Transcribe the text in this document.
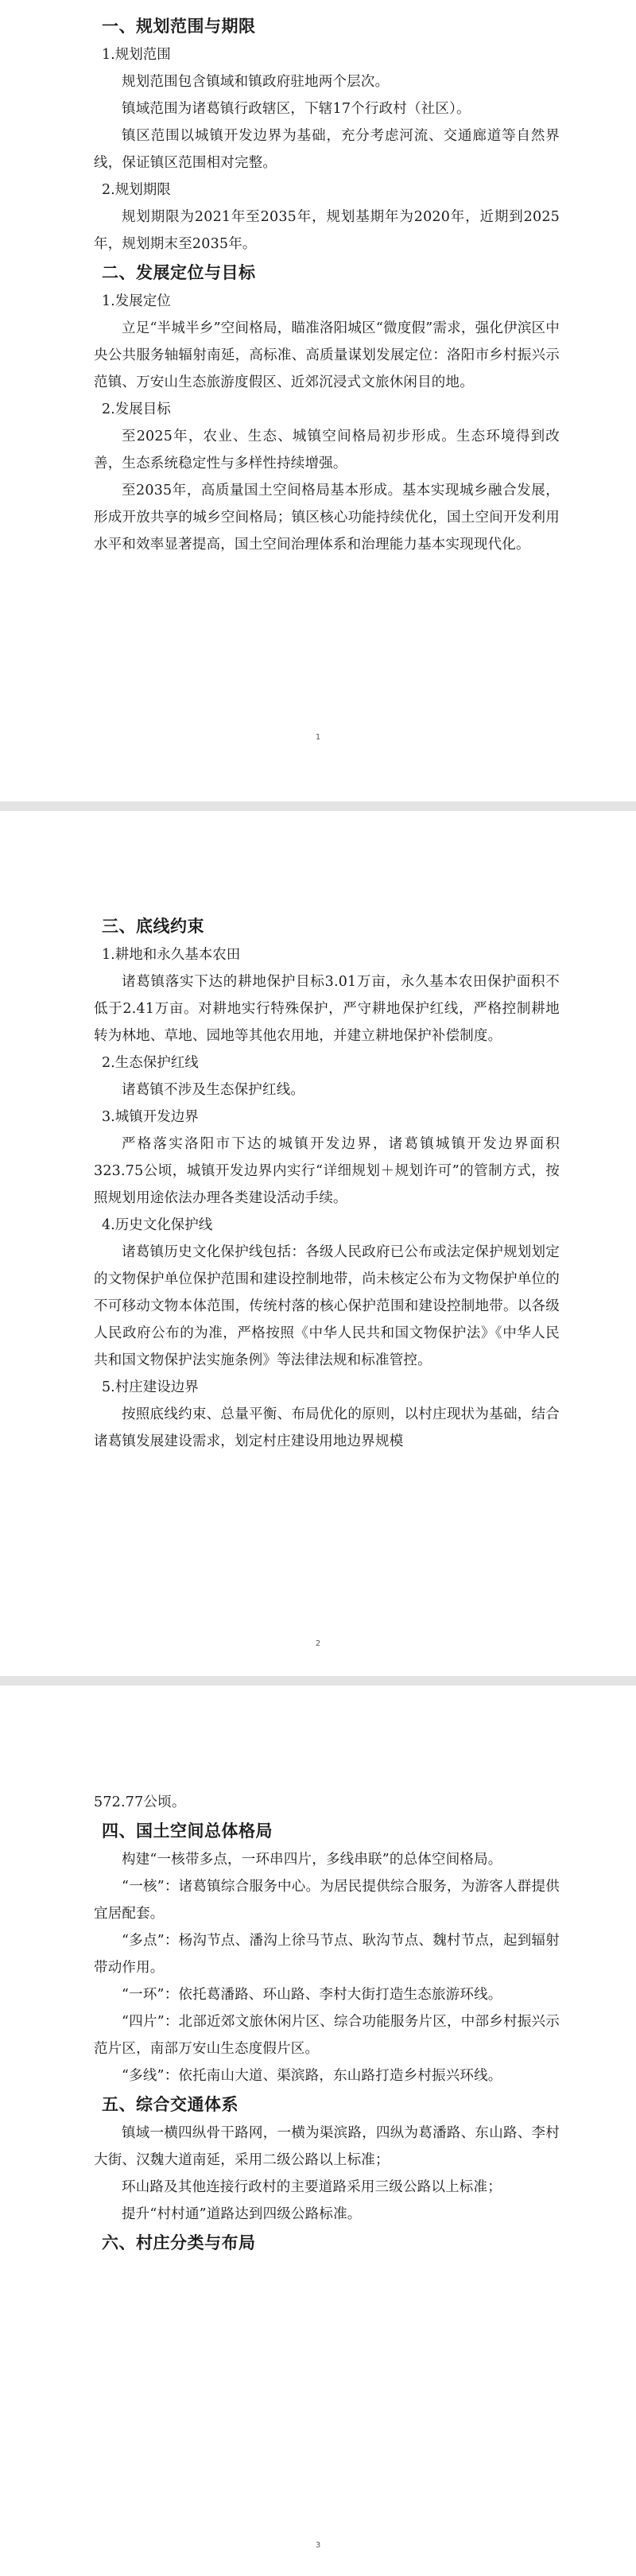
一、规划范围与期限
1.规划范围

规划范围包含镇域和镇政府驻地两个层次。

镇域范围为诸葛镇行政辖区，下辖17个行政村（社区）。

镇区范围以城镇开发边界为基础，充分考虑河流、交通廊道等自然界线，保证镇区范围相对完整。

2.规划期限

规划期限为2021年至2035年，规划基期年为2020年，近期到2025年，规划期末至2035年。

二、发展定位与目标
1.发展定位

立足“半城半乡”空间格局，瞄准洛阳城区“微度假”需求，强化伊滨区中央公共服务轴辐射南延，高标准、高质量谋划发展定位：洛阳市乡村振兴示范镇、万安山生态旅游度假区、近郊沉浸式文旅休闲目的地。

2.发展目标

至2025年，农业、生态、城镇空间格局初步形成。生态环境得到改善，生态系统稳定性与多样性持续增强。

至2035年，高质量国土空间格局基本形成。基本实现城乡融合发展，形成开放共享的城乡空间格局；镇区核心功能持续优化，国土空间开发利用水平和效率显著提高，国土空间治理体系和治理能力基本实现现代化。

1
三、底线约束
1.耕地和永久基本农田

诸葛镇落实下达的耕地保护目标3.01万亩，永久基本农田保护面积不低于2.41万亩。对耕地实行特殊保护，严守耕地保护红线，严格控制耕地转为林地、草地、园地等其他农用地，并建立耕地保护补偿制度。

2.生态保护红线

诸葛镇不涉及生态保护红线。

3.城镇开发边界

严格落实洛阳市下达的城镇开发边界，诸葛镇城镇开发边界面积323.75公顷，城镇开发边界内实行“详细规划＋规划许可”的管制方式，按照规划用途依法办理各类建设活动手续。

4.历史文化保护线

诸葛镇历史文化保护线包括：各级人民政府已公布或法定保护规划划定的文物保护单位保护范围和建设控制地带，尚未核定公布为文物保护单位的不可移动文物本体范围，传统村落的核心保护范围和建设控制地带。以各级人民政府公布的为准，严格按照《中华人民共和国文物保护法》《中华人民共和国文物保护法实施条例》等法律法规和标准管控。

5.村庄建设边界

按照底线约束、总量平衡、布局优化的原则，以村庄现状为基础，结合诸葛镇发展建设需求，划定村庄建设用地边界规模

2

572.77公顷。

四、国土空间总体格局

构建“一核带多点，一环串四片，多线串联”的总体空间格局。

“一核”：诸葛镇综合服务中心。为居民提供综合服务，为游客人群提供宜居配套。

“多点”：杨沟节点、潘沟上徐马节点、耿沟节点、魏村节点，起到辐射带动作用。

“一环”：依托葛潘路、环山路、李村大街打造生态旅游环线。

“四片”：北部近郊文旅休闲片区、综合功能服务片区，中部乡村振兴示范片区，南部万安山生态度假片区。

“多线”：依托南山大道、渠滨路，东山路打造乡村振兴环线。

五、综合交通体系

镇域一横四纵骨干路网，一横为渠滨路，四纵为葛潘路、东山路、李村大街、汉魏大道南延，采用二级公路以上标准；

环山路及其他连接行政村的主要道路采用三级公路以上标准；

提升“村村通”道路达到四级公路标准。

六、村庄分类与布局
3
